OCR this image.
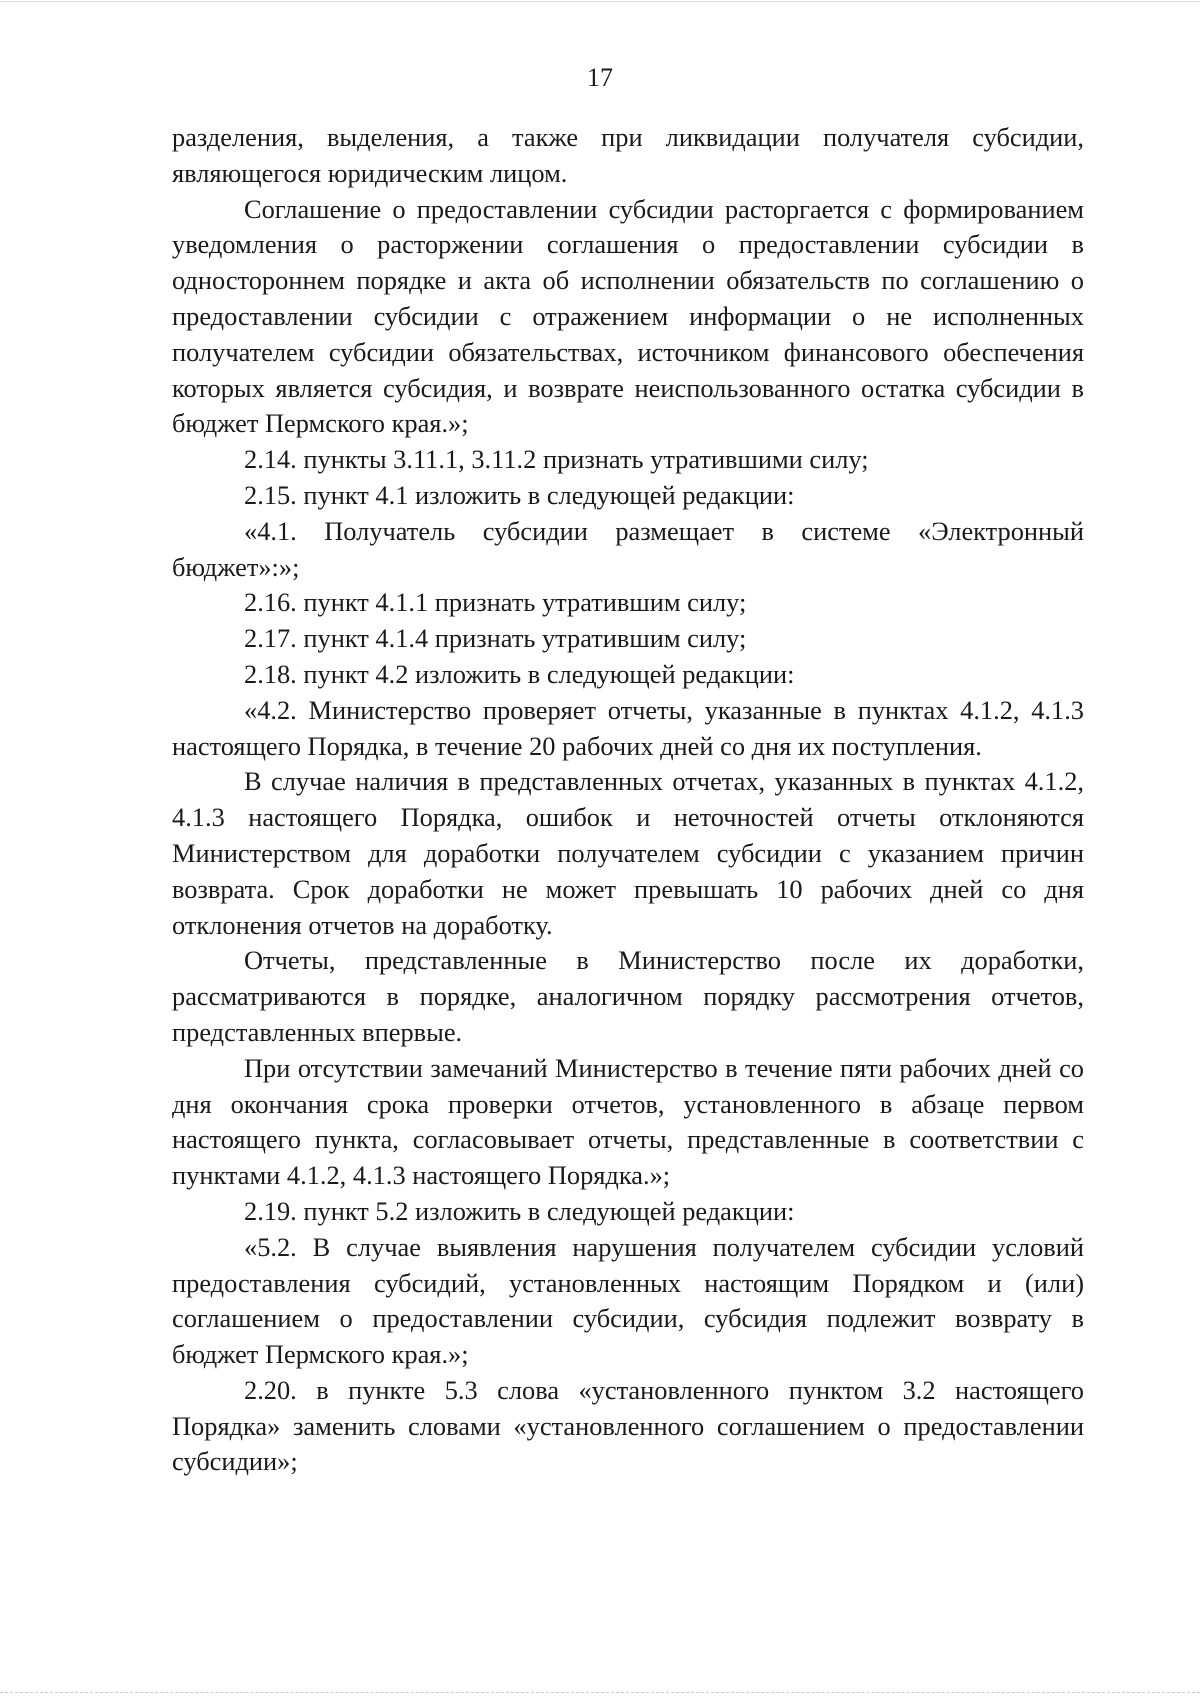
17

разделения, выделения, а также при ликвидации получателя субсидии, являющегося юридическим лицом.

Соглашение о предоставлении субсидии расторгается с формированием уведомления о расторжении соглашения о предоставлении субсидии в одностороннем порядке и акта об исполнении обязательств по соглашению о предоставлении субсидии с отражением информации о не исполненных получателем субсидии обязательствах, источником финансового обеспечения которых является субсидия, и возврате неиспользованного остатка субсидии в бюджет Пермского края.»;

2.14. пункты 3.11.1, 3.11.2 признать утратившими силу;

2.15. пункт 4.1 изложить в следующей редакции:

«4.1. Получатель субсидии размещает в системе «Электронный бюджет»:»;

2.16. пункт 4.1.1 признать утратившим силу;

2.17. пункт 4.1.4 признать утратившим силу;

2.18. пункт 4.2 изложить в следующей редакции:

«4.2. Министерство проверяет отчеты, указанные в пунктах 4.1.2, 4.1.3 настоящего Порядка, в течение 20 рабочих дней со дня их поступления.

В случае наличия в представленных отчетах, указанных в пунктах 4.1.2, 4.1.3 настоящего Порядка, ошибок и неточностей отчеты отклоняются Министерством для доработки получателем субсидии с указанием причин возврата. Срок доработки не может превышать 10 рабочих дней со дня отклонения отчетов на доработку.

Отчеты, представленные в Министерство после их доработки, рассматриваются в порядке, аналогичном порядку рассмотрения отчетов, представленных впервые.

При отсутствии замечаний Министерство в течение пяти рабочих дней со дня окончания срока проверки отчетов, установленного в абзаце первом настоящего пункта, согласовывает отчеты, представленные в соответствии с пунктами 4.1.2, 4.1.3 настоящего Порядка.»;

2.19. пункт 5.2 изложить в следующей редакции:

«5.2. В случае выявления нарушения получателем субсидии условий предоставления субсидий, установленных настоящим Порядком и (или) соглашением о предоставлении субсидии, субсидия подлежит возврату в бюджет Пермского края.»;

2.20. в пункте 5.3 слова «установленного пунктом 3.2 настоящего Порядка» заменить словами «установленного соглашением о предоставлении субсидии»;
